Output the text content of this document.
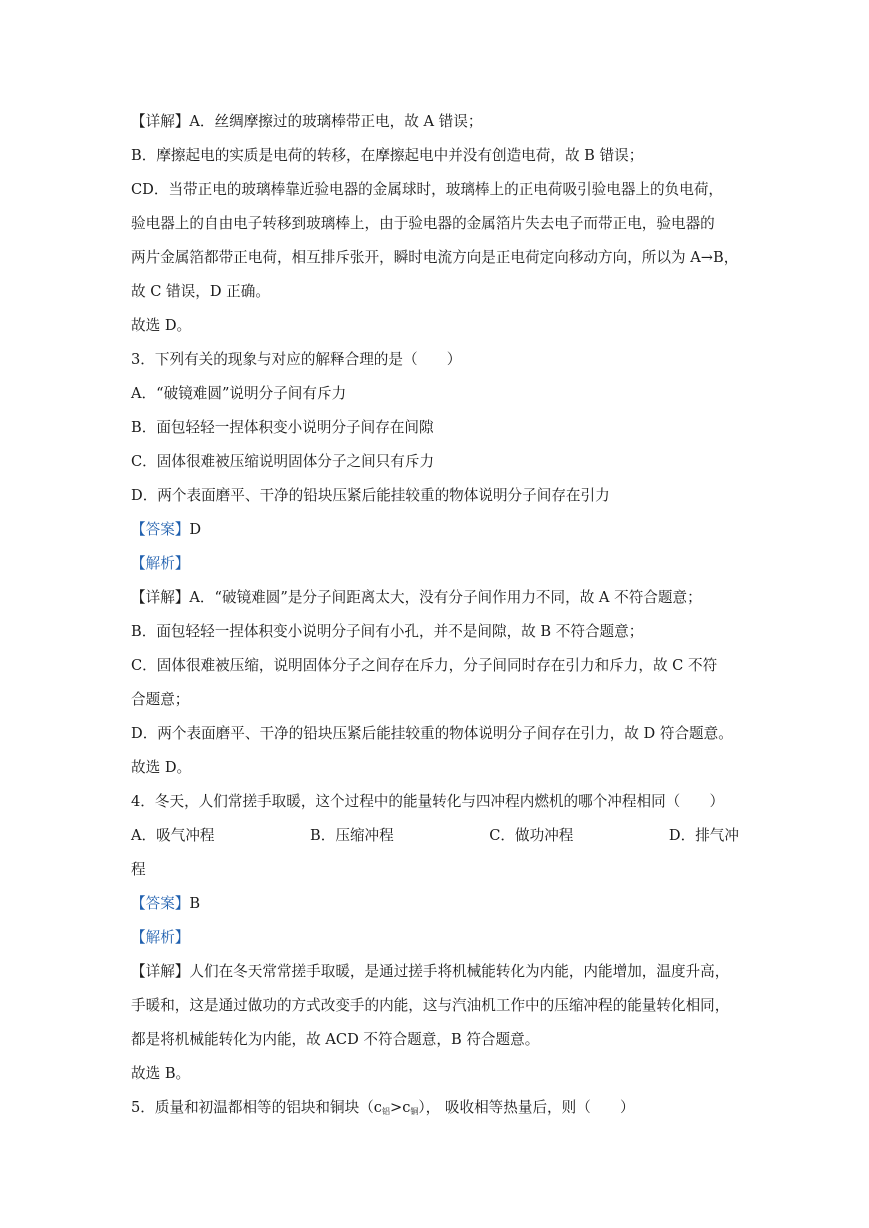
【详解】A．丝绸摩擦过的玻璃棒带正电，故 A 错误；
B．摩擦起电的实质是电荷的转移，在摩擦起电中并没有创造电荷，故 B 错误；
CD．当带正电的玻璃棒靠近验电器的金属球时，玻璃棒上的正电荷吸引验电器上的负电荷，
验电器上的自由电子转移到玻璃棒上，由于验电器的金属箔片失去电子而带正电，验电器的
两片金属箔都带正电荷，相互排斥张开，瞬时电流方向是正电荷定向移动方向，所以为 A→B，
故 C 错误，D 正确。
故选 D。
3．下列有关的现象与对应的解释合理的是（　　）
A．“破镜难圆”说明分子间有斥力
B．面包轻轻一捏体积变小说明分子间存在间隙
C．固体很难被压缩说明固体分子之间只有斥力
D．两个表面磨平、干净的铅块压紧后能挂较重的物体说明分子间存在引力
【答案】D
【解析】
【详解】A．“破镜难圆”是分子间距离太大，没有分子间作用力不同，故 A 不符合题意；
B．面包轻轻一捏体积变小说明分子间有小孔，并不是间隙，故 B 不符合题意；
C．固体很难被压缩，说明固体分子之间存在斥力，分子间同时存在引力和斥力，故 C 不符
合题意；
D．两个表面磨平、干净的铅块压紧后能挂较重的物体说明分子间存在引力，故 D 符合题意。
故选 D。
4．冬天，人们常搓手取暖，这个过程中的能量转化与四冲程内燃机的哪个冲程相同（　　）
A．吸气冲程	B．压缩冲程	C．做功冲程	D．排气冲
程
【答案】B
【解析】
【详解】人们在冬天常常搓手取暖，是通过搓手将机械能转化为内能，内能增加，温度升高，
手暖和，这是通过做功的方式改变手的内能，这与汽油机工作中的压缩冲程的能量转化相同，
都是将机械能转化为内能，故 ACD 不符合题意，B 符合题意。
故选 B。
5．质量和初温都相等的铝块和铜块$(c_铝>c_铜)$， 吸收相等热量后，则（　　）
